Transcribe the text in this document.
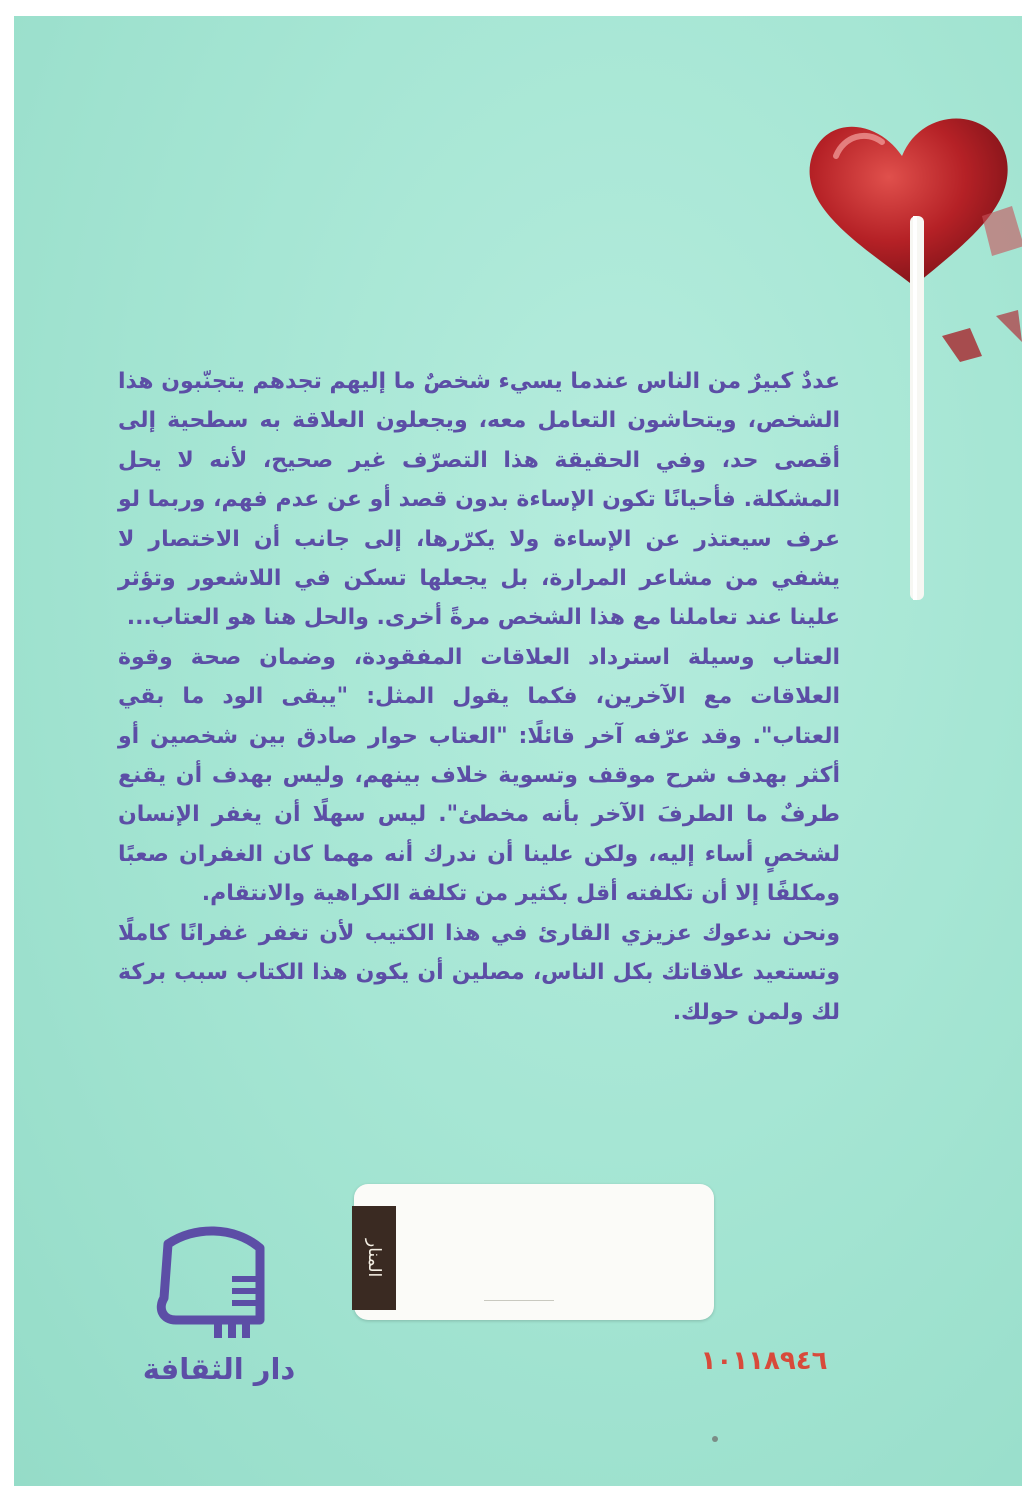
عددٌ كبيرٌ من الناس عندما يسيء شخصٌ ما إليهم تجدهم يتجنّبون هذا الشخص، ويتحاشون التعامل معه، ويجعلون العلاقة به سطحية إلى أقصى حد، وفي الحقيقة هذا التصرّف غير صحيح، لأنه لا يحل المشكلة. فأحيانًا تكون الإساءة بدون قصد أو عن عدم فهم، وربما لو عرف سيعتذر عن الإساءة ولا يكرّرها، إلى جانب أن الاختصار لا يشفي من مشاعر المرارة، بل يجعلها تسكن في اللاشعور وتؤثر علينا عند تعاملنا مع هذا الشخص مرةً أخرى. والحل هنا هو العتاب...

العتاب وسيلة استرداد العلاقات المفقودة، وضمان صحة وقوة العلاقات مع الآخرين، فكما يقول المثل: "يبقى الود ما بقي العتاب". وقد عرّفه آخر قائلًا: "العتاب حوار صادق بين شخصين أو أكثر بهدف شرح موقف وتسوية خلاف بينهم، وليس بهدف أن يقنع طرفٌ ما الطرفَ الآخر بأنه مخطئ". ليس سهلًا أن يغفر الإنسان لشخصٍ أساء إليه، ولكن علينا أن ندرك أنه مهما كان الغفران صعبًا ومكلفًا إلا أن تكلفته أقل بكثير من تكلفة الكراهية والانتقام.

ونحن ندعوك عزيزي القارئ في هذا الكتيب لأن تغفر غفرانًا كاملًا وتستعيد علاقاتك بكل الناس، مصلين أن يكون هذا الكتاب سبب بركة لك ولمن حولك.

دار الثقافة
المنار
١٠١١٨٩٤٦
